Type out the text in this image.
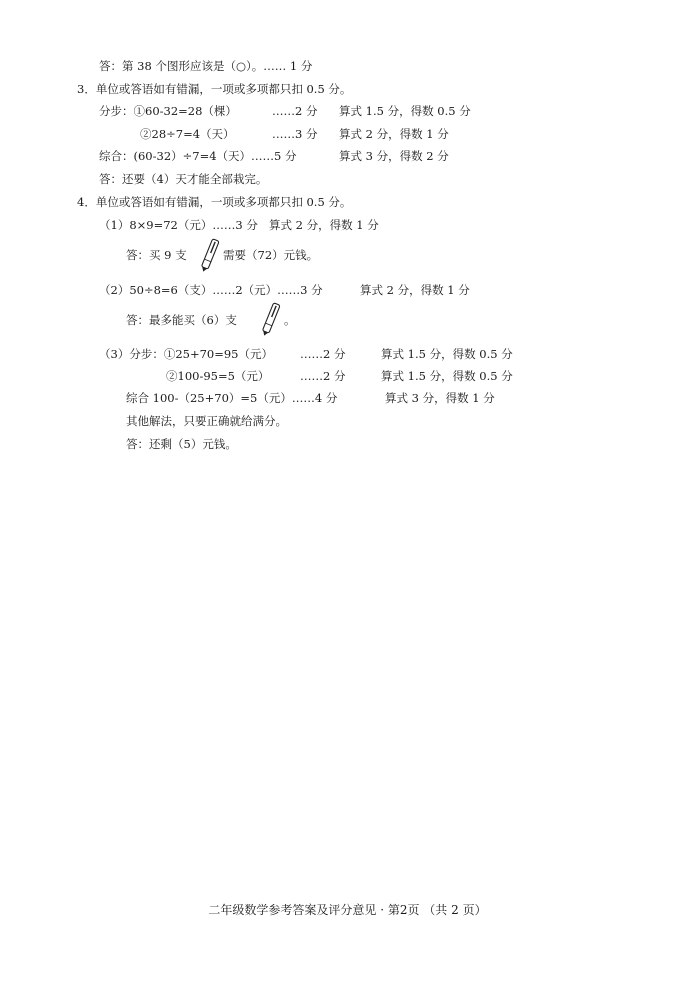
答：第 38 个图形应该是（○）。…… 1 分
3．单位或答语如有错漏，一项或多项都只扣 0.5 分。
分步：①60-32=28（棵）	……2 分 算式 1.5 分，得数 0.5 分
②28÷7=4（天）	……3 分 算式 2 分，得数 1 分
综合：(60-32）÷7=4（天）……5 分	算式 3 分，得数 2 分
答：还要（4）天才能全部栽完。
4．单位或答语如有错漏，一项或多项都只扣 0.5 分。
（1）8×9=72（元）……3 分 算式 2 分，得数 1 分
答：买 9 支	需要（72）元钱。
（2）50÷8=6（支）……2（元）……3 分	算式 2 分，得数 1 分
答：最多能买（6）支	。
（3）分步：①25+70=95（元） ……2 分	算式 1.5 分，得数 0.5 分
②100-95=5（元）	……2 分	算式 1.5 分，得数 0.5 分
综合 100-（25+70）=5（元）……4 分	算式 3 分，得数 1 分
其他解法，只要正确就给满分。
答：还剩（5）元钱。
二年级数学参考答案及评分意见 · 第2页 （共 2 页）
